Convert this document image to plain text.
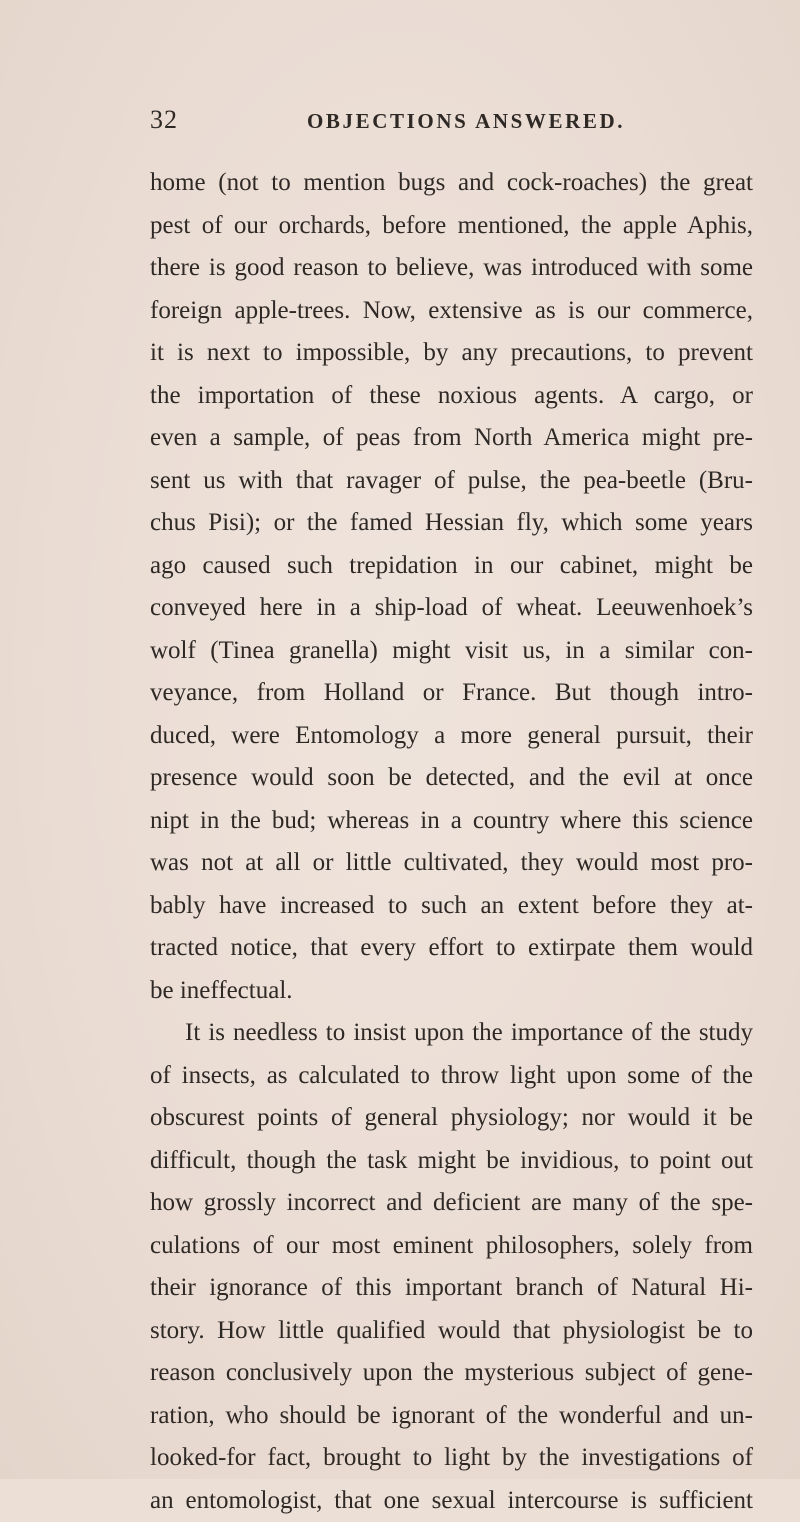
32	OBJECTIONS ANSWERED.
home (not to mention bugs and cock-roaches) the great
pest of our orchards, before mentioned, the apple Aphis,
there is good reason to believe, was introduced with some
foreign apple-trees. Now, extensive as is our commerce,
it is next to impossible, by any precautions, to prevent
the importation of these noxious agents. A cargo, or
even a sample, of peas from North America might pre-
sent us with that ravager of pulse, the pea-beetle (Bru-
chus Pisi); or the famed Hessian fly, which some years
ago caused such trepidation in our cabinet, might be
conveyed here in a ship-load of wheat. Leeuwenhoek’s
wolf (Tinea granella) might visit us, in a similar con-
veyance, from Holland or France. But though intro-
duced, were Entomology a more general pursuit, their
presence would soon be detected, and the evil at once
nipt in the bud; whereas in a country where this science
was not at all or little cultivated, they would most pro-
bably have increased to such an extent before they at-
tracted notice, that every effort to extirpate them would
be ineffectual.
It is needless to insist upon the importance of the study
of insects, as calculated to throw light upon some of the
obscurest points of general physiology; nor would it be
difficult, though the task might be invidious, to point out
how grossly incorrect and deficient are many of the spe-
culations of our most eminent philosophers, solely from
their ignorance of this important branch of Natural Hi-
story. How little qualified would that physiologist be to
reason conclusively upon the mysterious subject of gene-
ration, who should be ignorant of the wonderful and un-
looked-for fact, brought to light by the investigations of
an entomologist, that one sexual intercourse is sufficient
